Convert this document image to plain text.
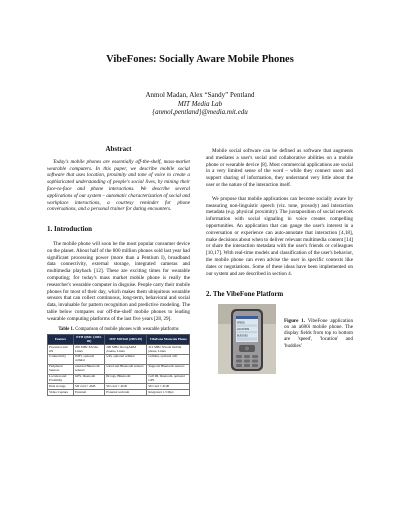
VibeFones: Socially Aware Mobile Phones
Anmol Madan, Alex “Sandy” Pentland
MIT Media Lab
{anmol,pentland}@media.mit.edu
Abstract

Today's mobile phones are essentially off-the-shelf, mass-market wearable computers. In this paper, we describe mobile social software that uses location, proximity and tone of voice to create a sophisticated understanding of people's social lives, by mining their face-to-face and phone interactions. We describe several applications of our system – automatic characterization of social and workplace interactions, a courtesy reminder for phone conversations, and a personal trainer for dating encounters.

1. Introduction

The mobile phone will soon be the most popular consumer device on the planet. About half of the 800 million phones sold last year had significant processing power (more than a Pentium I), broadband data connectivity, external storage, integrated cameras and multimedia playback [12]. These are exciting times for wearable computing; for today's mass market mobile phone is really the researcher's wearable computer in disguise. People carry their mobile phones for most of their day, which makes them ubiquitous wearable sensors that can collect continuous, long-term, behavioral and social data, invaluable for pattern recognition and predictive modeling. The table below compares our off-the-shelf mobile phones to leading wearable computing platforms of the last five years [28, 29].

Table 1. Comparison of mobile phones with wearable platforms
Feature	ETH QBIC (2003-06)	MIT MiThril (2003-05)	VibeFone Motorola Phone
Processor and OS	200 MHz XScale, Linux	200 MHz StrongARM Zaurus, Linux	312 MHz XScale mobile phone, Linux
Connectivity	WiFi, optional cellular	wifi, optional cellular	Cellular, optional wifi
Peripheral Sensors	external Bluetooth sensors	wired and Bluetooth sensors	Supports Bluetooth sensors
Location and Proximity	GPS, bluetooth	IR tags, Bluetooth	Cell ID, bluetooth, optional GPS
Data storage	SD card > 4GB	SD card > 4GB	SD card > 4GB
Video Capture	External	External webcam	Integrated 1.3 Mpx

Mobile social software can be defined as software that augments and mediates a user's social and collaborative abilities on a mobile phone or wearable device [8]. Most commercial applications are social in a very limited sense of the word – while they connect users and support sharing of information, they understand very little about the user or the nature of the interaction itself.

We propose that mobile applications can become socially aware by measuring non-linguistic speech (viz. tone, prosody) and interaction metadata (e.g. physical proximity). The juxtaposition of social network information with social signaling in voice creates compelling opportunities. An application that can gauge the user's interest in a conversation or experience can auto-annotate that interaction [4,18], make decisions about when to deliver relevant multimedia content [14] or share the interaction metadata with the user's friends or colleagues [10,17]. With real-time models and classification of the user's behavior, the mobile phone can even advise the user in specific contexts like dates or negotiations. Some of these ideas have been implemented on our system and are described in section 4.

2. The VibeFone Platform
SPEED
LOCATION
BUDDIES
Figure 1. VibeFone application on an a680i mobile phone. The display fields from top to bottom are 'speed', 'location' and 'buddies'
